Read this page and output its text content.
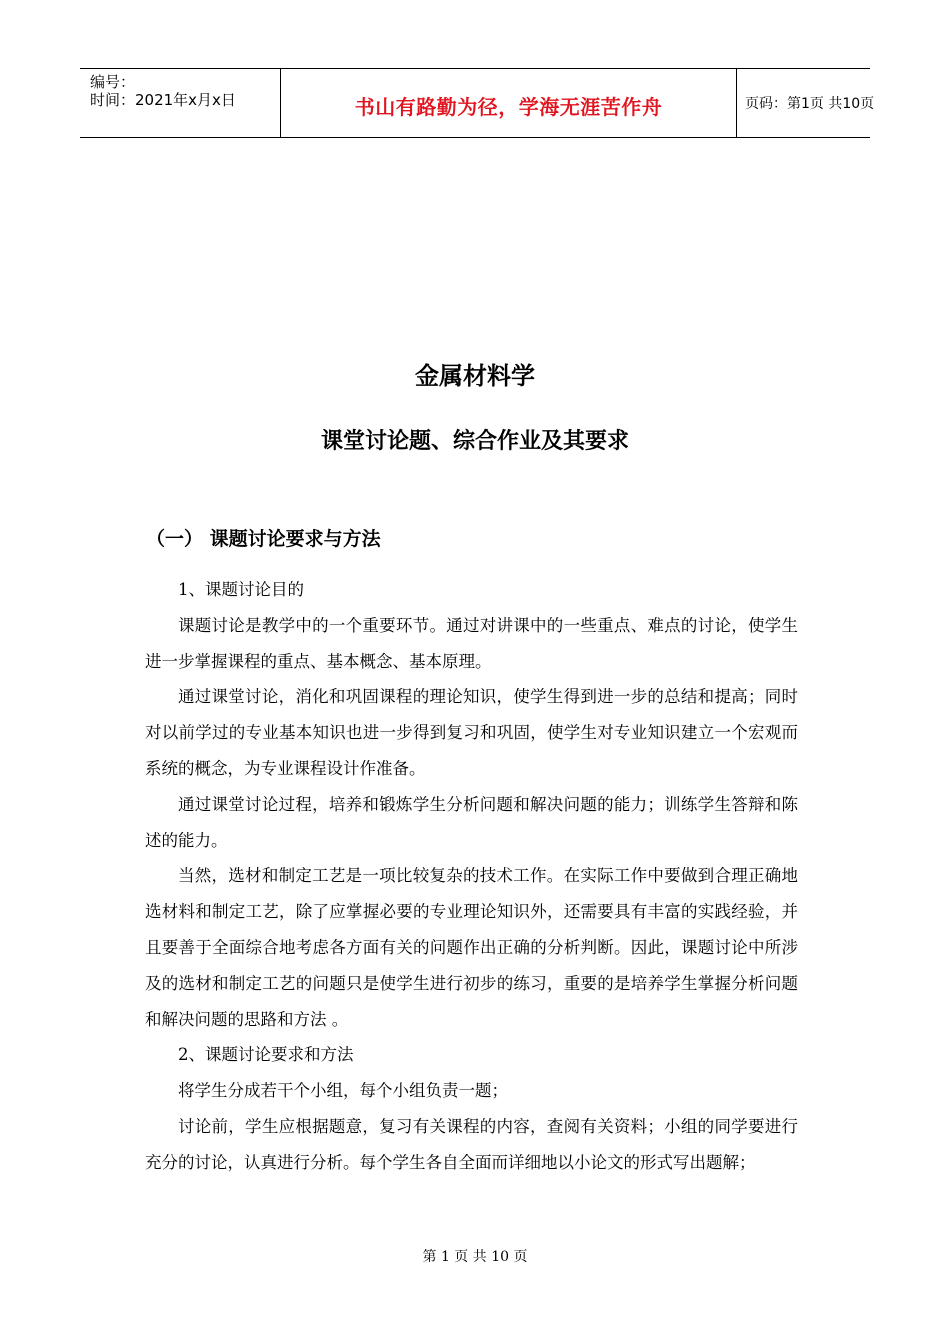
编号：
时间：2021年x月x日	书山有路勤为径，学海无涯苦作舟	页码：第1页 共10页
金属材料学
课堂讨论题、综合作业及其要求
（一） 课题讨论要求与方法

1、课题讨论目的

课题讨论是教学中的一个重要环节。通过对讲课中的一些重点、难点的讨论，使学生进一步掌握课程的重点、基本概念、基本原理。

通过课堂讨论，消化和巩固课程的理论知识，使学生得到进一步的总结和提高；同时对以前学过的专业基本知识也进一步得到复习和巩固，使学生对专业知识建立一个宏观而系统的概念，为专业课程设计作准备。

通过课堂讨论过程，培养和锻炼学生分析问题和解决问题的能力；训练学生答辩和陈述的能力。

当然，选材和制定工艺是一项比较复杂的技术工作。在实际工作中要做到合理正确地选材料和制定工艺，除了应掌握必要的专业理论知识外，还需要具有丰富的实践经验，并且要善于全面综合地考虑各方面有关的问题作出正确的分析判断。因此，课题讨论中所涉及的选材和制定工艺的问题只是使学生进行初步的练习，重要的是培养学生掌握分析问题和解决问题的思路和方法 。

2、课题讨论要求和方法

将学生分成若干个小组，每个小组负责一题；

讨论前，学生应根据题意，复习有关课程的内容，查阅有关资料；小组的同学要进行充分的讨论，认真进行分析。每个学生各自全面而详细地以小论文的形式写出题解；

第 1 页 共 10 页
